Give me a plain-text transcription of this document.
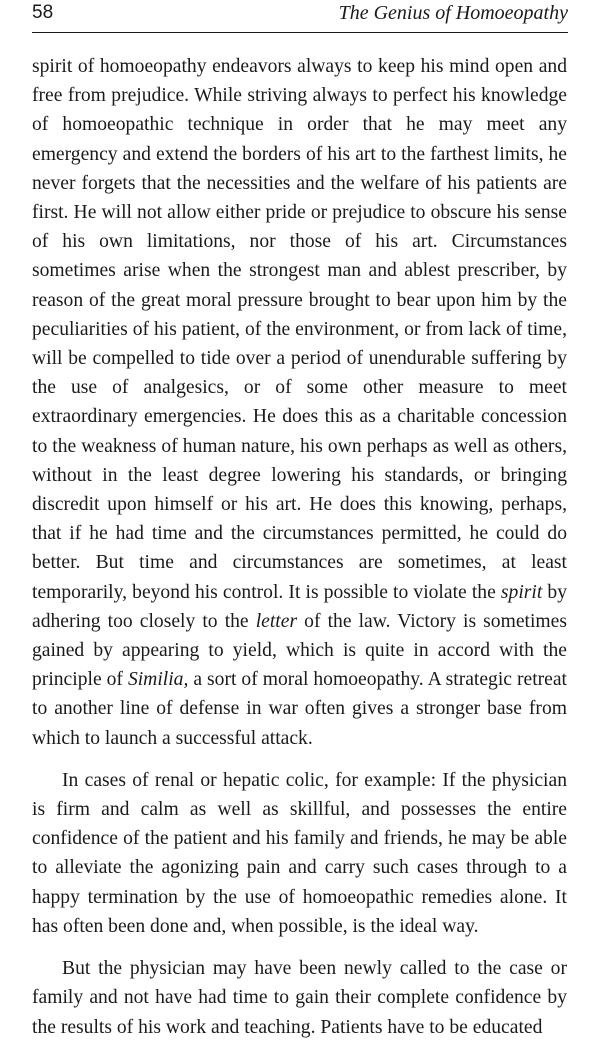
58	The Genius of Homoeopathy

spirit of homoeopathy endeavors always to keep his mind open and free from prejudice. While striving always to perfect his knowledge of homoeopathic technique in order that he may meet any emergency and extend the borders of his art to the farthest limits, he never forgets that the necessities and the welfare of his patients are first. He will not allow either pride or prejudice to obscure his sense of his own limitations, nor those of his art. Circumstances sometimes arise when the strongest man and ablest prescriber, by reason of the great moral pressure brought to bear upon him by the peculiarities of his patient, of the environment, or from lack of time, will be compelled to tide over a period of unendurable suffering by the use of analgesics, or of some other measure to meet extraordinary emergencies. He does this as a charitable concession to the weakness of human nature, his own perhaps as well as others, without in the least degree lowering his standards, or bringing discredit upon himself or his art. He does this knowing, perhaps, that if he had time and the circumstances permitted, he could do better. But time and circumstances are sometimes, at least temporarily, beyond his control. It is possible to violate the spirit by adhering too closely to the letter of the law. Victory is sometimes gained by appearing to yield, which is quite in accord with the principle of Similia, a sort of moral homoeopathy. A strategic retreat to another line of defense in war often gives a stronger base from which to launch a successful attack.

In cases of renal or hepatic colic, for example: If the physician is firm and calm as well as skillful, and possesses the entire confidence of the patient and his family and friends, he may be able to alleviate the agonizing pain and carry such cases through to a happy termination by the use of homoeopathic remedies alone. It has often been done and, when possible, is the ideal way.

But the physician may have been newly called to the case or family and not have had time to gain their complete confidence by the results of his work and teaching. Patients have to be educated
